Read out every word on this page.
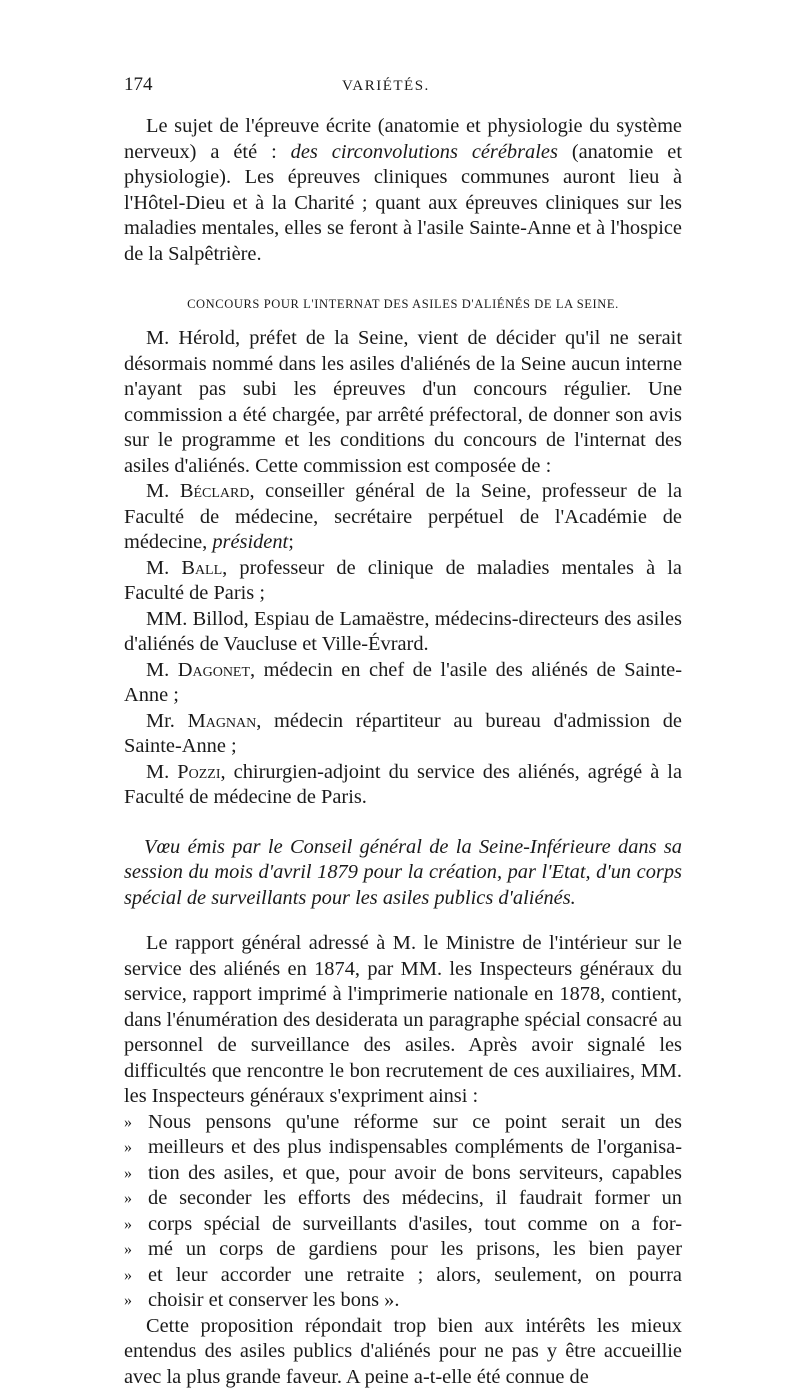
174	VARIÉTÉS.

Le sujet de l'épreuve écrite (anatomie et physiologie du système nerveux) a été : des circonvolutions cérébrales (anatomie et physiologie). Les épreuves cliniques communes auront lieu à l'Hôtel-Dieu et à la Charité ; quant aux épreuves cliniques sur les maladies mentales, elles se feront à l'asile Sainte-Anne et à l'hospice de la Salpêtrière.

CONCOURS POUR L'INTERNAT DES ASILES D'ALIÉNÉS DE LA SEINE.

M. Hérold, préfet de la Seine, vient de décider qu'il ne serait désormais nommé dans les asiles d'aliénés de la Seine aucun interne n'ayant pas subi les épreuves d'un concours régulier. Une commission a été chargée, par arrêté préfectoral, de donner son avis sur le programme et les conditions du concours de l'internat des asiles d'aliénés. Cette commission est composée de :

M. Béclard, conseiller général de la Seine, professeur de la Faculté de médecine, secrétaire perpétuel de l'Académie de médecine, président;

M. Ball, professeur de clinique de maladies mentales à la Faculté de Paris ;

MM. Billod, Espiau de Lamaëstre, médecins-directeurs des asiles d'aliénés de Vaucluse et Ville-Évrard.

M. Dagonet, médecin en chef de l'asile des aliénés de Sainte-Anne ;

Mr. Magnan, médecin répartiteur au bureau d'admission de Sainte-Anne ;

M. Pozzi, chirurgien-adjoint du service des aliénés, agrégé à la Faculté de médecine de Paris.

Vœu émis par le Conseil général de la Seine-Inférieure dans sa session du mois d'avril 1879 pour la création, par l'Etat, d'un corps spécial de surveillants pour les asiles publics d'aliénés.

Le rapport général adressé à M. le Ministre de l'intérieur sur le service des aliénés en 1874, par MM. les Inspecteurs généraux du service, rapport imprimé à l'imprimerie nationale en 1878, contient, dans l'énumération des desiderata un paragraphe spécial consacré au personnel de surveillance des asiles. Après avoir signalé les difficultés que rencontre le bon recrutement de ces auxiliaires, MM. les Inspecteurs généraux s'expriment ainsi :

» Nous pensons qu'une réforme sur ce point serait un des
» meilleurs et des plus indispensables compléments de l'organisa-
» tion des asiles, et que, pour avoir de bons serviteurs, capables
» de seconder les efforts des médecins, il faudrait former un
» corps spécial de surveillants d'asiles, tout comme on a for-
» mé un corps de gardiens pour les prisons, les bien payer
» et leur accorder une retraite ; alors, seulement, on pourra
» choisir et conserver les bons ».

Cette proposition répondait trop bien aux intérêts les mieux entendus des asiles publics d'aliénés pour ne pas y être accueillie avec la plus grande faveur. A peine a-t-elle été connue de
